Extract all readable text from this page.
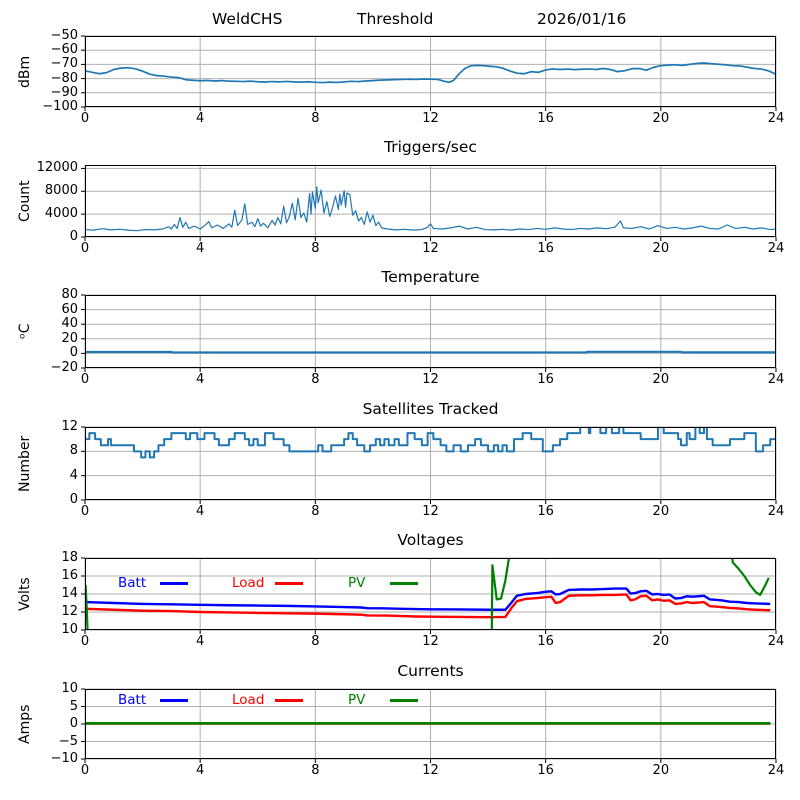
WeldCHS	Threshold	2026/01/16
dBm
−100
−90
−80
−70
−60
−50
0	4	8	12	16	20	24
Triggers/sec
Count
0
4000
8000
12000
0	4	8	12	16	20	24
Temperature
ᵒC
−20
0
20
40
60
80
0	4	8	12	16	20	24
Satellites Tracked
Number
0
4
8
12
0	4	8	12	16	20	24
Voltages
Volts
10
12
14
16
18
0	4	8	12	16	20	24
Batt	Load	PV
Currents
Amps
−10
−5
0
5
10
0	4	8	12	16	20	24
Batt	Load	PV
